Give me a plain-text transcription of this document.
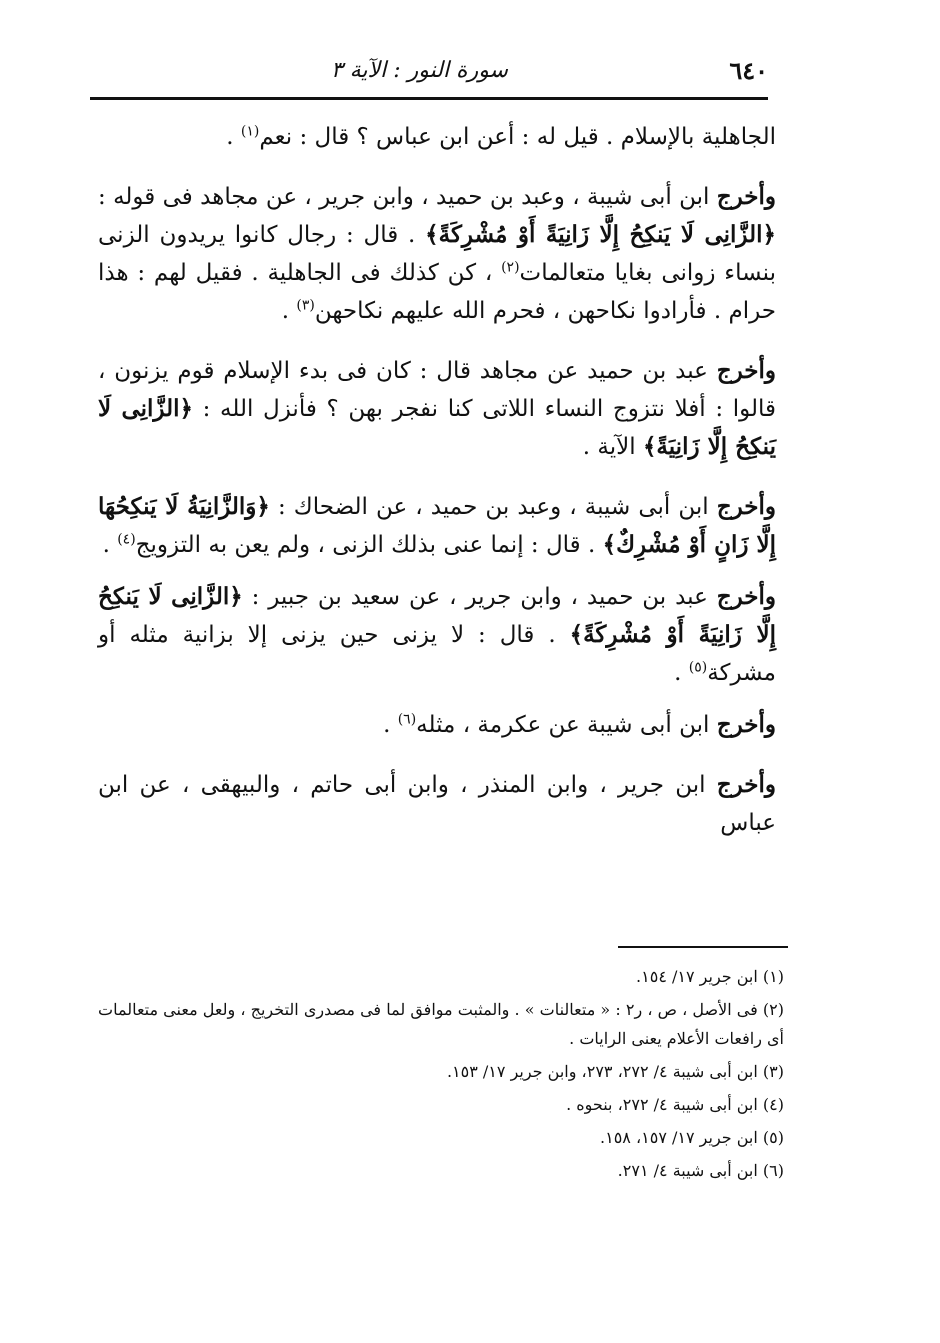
٦٤٠
سورة النور : الآية ٣

الجاهلية بالإسلام . قيل له : أعن ابن عباس ؟ قال : نعم$^{(١)}$ .

وأخرج ابن أبى شيبة ، وعبد بن حميد ، وابن جرير ، عن مجاهد فى قوله : ﴿الزَّانِى لَا يَنكِحُ إِلَّا زَانِيَةً أَوْ مُشْرِكَةً﴾ . قال : رجال كانوا يريدون الزنى بنساء زوانى بغايا متعالمات$^{(٢)}$ ، كن كذلك فى الجاهلية . فقيل لهم : هذا حرام . فأرادوا نكاحهن ، فحرم الله عليهم نكاحهن$^{(٣)}$ .

وأخرج عبد بن حميد عن مجاهد قال : كان فى بدء الإسلام قوم يزنون ، قالوا : أفلا نتزوج النساء اللاتى كنا نفجر بهن ؟ فأنزل الله : ﴿الزَّانِى لَا يَنكِحُ إِلَّا زَانِيَةً﴾ الآية .

وأخرج ابن أبى شيبة ، وعبد بن حميد ، عن الضحاك : ﴿وَالزَّانِيَةُ لَا يَنكِحُهَا إِلَّا زَانٍ أَوْ مُشْرِكٌ﴾ . قال : إنما عنى بذلك الزنى ، ولم يعن به التزويج$^{(٤)}$ .

وأخرج عبد بن حميد ، وابن جرير ، عن سعيد بن جبير : ﴿الزَّانِى لَا يَنكِحُ إِلَّا زَانِيَةً أَوْ مُشْرِكَةً﴾ . قال : لا يزنى حين يزنى إلا بزانية مثله أو مشركة$^{(٥)}$ .

وأخرج ابن أبى شيبة عن عكرمة ، مثله$^{(٦)}$ .

وأخرج ابن جرير ، وابن المنذر ، وابن أبى حاتم ، والبيهقى ، عن ابن عباس

(١) ابن جرير ١٧/ ١٥٤.

(٢) فى الأصل ، ص ، ر٢ : « متعالنات » . والمثبت موافق لما فى مصدرى التخريج ، ولعل معنى متعالمات أى رافعات الأعلام يعنى الرايات .

(٣) ابن أبى شيبة ٤/ ٢٧٢، ٢٧٣، وابن جرير ١٧/ ١٥٣.

(٤) ابن أبى شيبة ٤/ ٢٧٢، بنحوه .

(٥) ابن جرير ١٧/ ١٥٧، ١٥٨.

(٦) ابن أبى شيبة ٤/ ٢٧١.
